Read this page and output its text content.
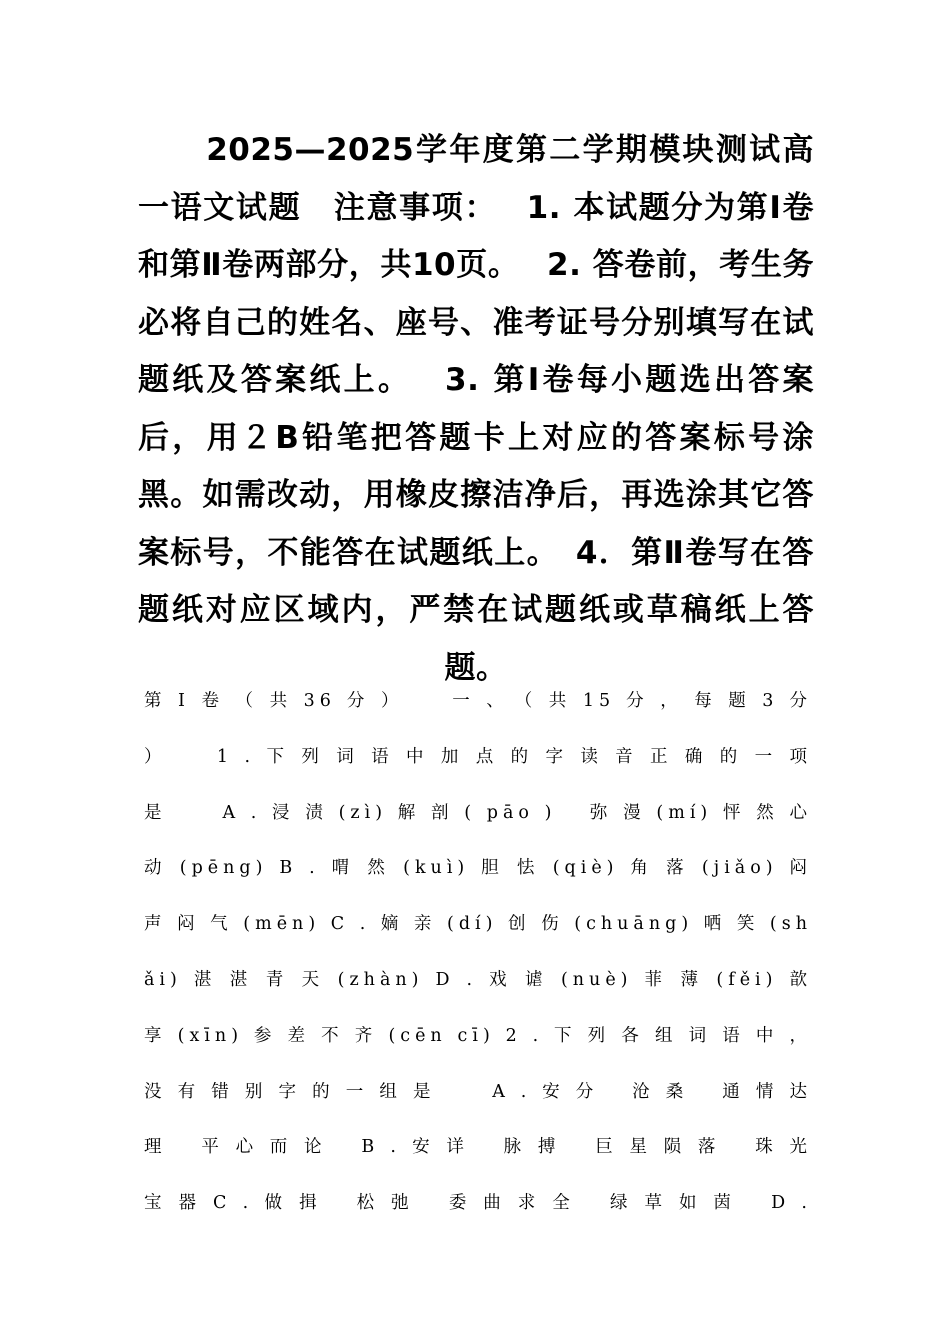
2025—2025学年度第二学期模块测试高一语文试题　注意事项：　 1. 本试题分为第Ⅰ卷和第Ⅱ卷两部分，共10页。　 2. 答卷前，考生务必将自己的姓名、座号、准考证号分别填写在试题纸及答案纸上。　 3. 第Ⅰ卷每小题选出答案后，用２B铅笔把答题卡上对应的答案标号涂黑。如需改动，用橡皮擦洁净后，再选涂其它答案标号，不能答在试题纸上。　4．第Ⅱ卷写在答题纸对应区域内，严禁在试题纸或草稿纸上答题。
第 Ⅰ 卷 （ 共 36 分 ）　　 一 、　（ 共 15 分 ， 每 题 3 分 ）　　 1 . 下 列 词 语 中 加 点 的 字 读 音 正 确 的 一 项 是　　 A . 浸 渍 (zì) 解 剖 ( pāo )　 弥 漫 (mí) 怦 然 心 动 (pēng) B . 喟 然 (kuì) 胆 怯 (qiè) 角 落 (jiǎo) 闷 声 闷 气 (mēn) C . 嫡 亲 (dí) 创 伤 (chuāng) 哂 笑 (shǎi) 湛 湛 青 天 (zhàn) D . 戏 谑 (nuè) 菲 薄 (fěi) 歆 享 (xīn) 参 差 不 齐 (cēn cī) 2 . 下 列 各 组 词 语 中 ， 没 有 错 别 字 的 一 组 是　　 A . 安 分　 沧 桑　 通 情 达 理　 平 心 而 论　 B . 安 详　 脉 搏　 巨 星 陨 落　 珠 光 宝 器 C . 做 揖　 松 弛　 委 曲 求 全　 绿 草 如 茵　 D .
